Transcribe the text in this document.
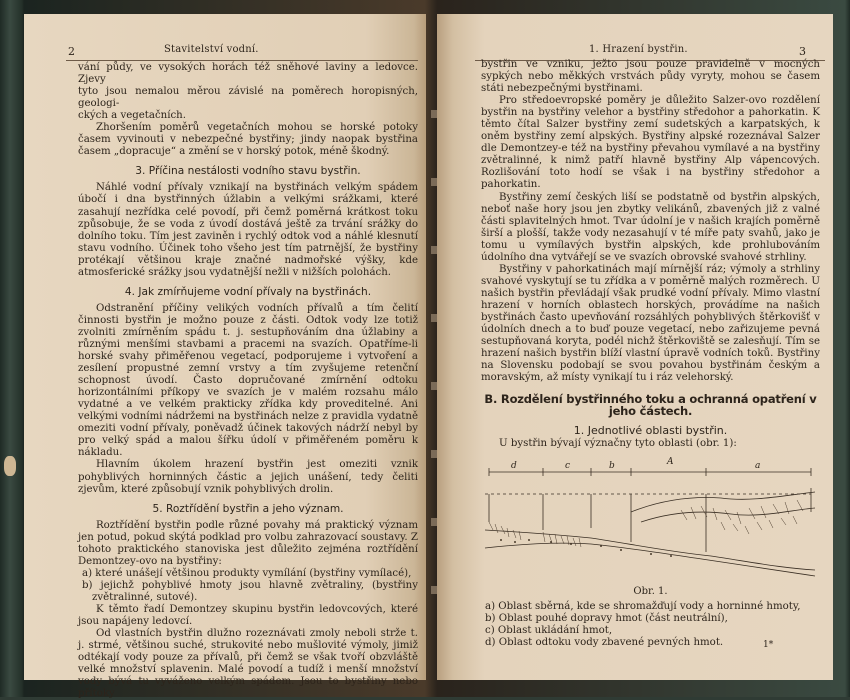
2	Stavitelství vodní.

vání půdy, ve vysokých horách též sněhové laviny a ledovce. Zjevy

tyto jsou nemalou měrou závislé na poměrech horopisných, geologi-

ckých a vegetačních.

Zhoršením poměrů vegetačních mohou se horské potoky časem vyvinouti v nebezpečné bystřiny; jindy naopak bystřina časem „dopracuje“ a změní se v horský potok, méně škodný.

3. Příčina nestálosti vodního stavu bystřin.

Náhlé vodní přívaly vznikají na bystřinách velkým spádem úbočí i dna bystřinných úžlabin a velkými srážkami, které zasahují nezřídka celé povodí, při čemž poměrná krátkost toku způsobuje, že se voda z úvodí dostává ještě za trvání srážky do dolního toku. Tím jest zaviněn i rychlý odtok vod a náhlé klesnutí stavu vodního. Účinek toho všeho jest tím patrnější, že bystřiny protékají většinou kraje značné nadmořské výšky, kde atmosferické srážky jsou vydatnější nežli v nižších polohách.

4. Jak zmírňujeme vodní přívaly na bystřinách.

Odstranění příčiny velikých vodních přívalů a tím čelití činnosti bystřin je možno pouze z části. Odtok vody lze totiž zvolniti zmírněním spádu t. j. sestupňováním dna úžlabiny a různými menšími stavbami a pracemi na svazích. Opatříme-li horské svahy přiměřenou vegetací, podporujeme i vytvoření a zesílení propustné zemní vrstvy a tím zvyšujeme retenční schopnost úvodí. Často dopručované zmírnění odtoku horizontálními příkopy ve svazích je v malém rozsahu málo vydatné a ve velkém prakticky zřídka kdy proveditelné. Ani velkými vodními nádržemi na bystřinách nelze z pravidla vydatně omeziti vodní přívaly, poněvadž účinek takových nádrží nebyl by pro velký spád a malou šířku údolí v přiměřeném poměru k nákladu.

Hlavním úkolem hrazení bystřin jest omeziti vznik pohyblivých horninných částic a jejich unášení, tedy čeliti zjevům, které způsobují vznik pohyblivých drolin.

5. Roztřídění bystřin a jeho význam.

Roztřídění bystřin podle různé povahy má praktický význam jen potud, pokud skýtá podklad pro volbu zahrazovací soustavy. Z tohoto praktického stanoviska jest důležito zejména roztřídění Demontzey-ovo na bystřiny:

a) které unášejí většinou produkty vymílání (bystřiny vymílacé),

b) jejichž pohyblivé hmoty jsou hlavně zvětraliny, (bystřiny zvětralinné, sutové).

K těmto řadí Demontzey skupinu bystřin ledovcových, které jsou napájeny ledovcí.

Od vlastních bystřin dlužno rozeznávati zmoly neboli strže t. j. strmé, většinou suché, strukovité nebo mušlovité výmoly, jimiž odtékají vody pouze za přívalů, při čemž se však tvoří obzvláště velké množství splavenin. Malé povodí a tudíž i menší množství vody bývá tu vyváženo velkým spádem. Jsou to bystřiny nebo přítoky

1. Hrazení bystřin.	3

bystřin ve vzniku, ježto jsou pouze pravidelně v mocných sypkých nebo měkkých vrstvách půdy vyryty, mohou se časem státi nebezpečnými bystřinami.

Pro středoevropské poměry je důležito Salzer-ovo rozdělení bystřin na bystřiny velehor a bystřiny středohor a pahorkatin. K těmto čítal Salzer bystřiny zemí sudetských a karpatských, k oněm bystřiny zemí alpských. Bystřiny alpské rozeznával Salzer dle Demontzey-e též na bystřiny převahou vymílavé a na bystřiny zvětralinné, k nimž patří hlavně bystřiny Alp vápencových. Rozlišování toto hodí se však i na bystřiny středohor a pahorkatin.

Bystřiny zemí českých liší se podstatně od bystřin alpských, neboť naše hory jsou jen zbytky velikánů, zbavených již z valné části splavitelných hmot. Tvar údolní je v našich krajích poměrně širší a plošší, takže vody nezasahují v té míře paty svahů, jako je tomu u vymílavých bystřin alpských, kde prohlubováním údolního dna vytvářejí se ve svazích obrovské svahové strhliny.

Bystřiny v pahorkatinách mají mírnější ráz; výmoly a strhliny svahové vyskytují se tu zřídka a v poměrně malých rozměrech. U našich bystřin převládají však prudké vodní přívaly. Mimo vlastní hrazení v horních oblastech horských, provádíme na našich bystřinách často upevňování rozsáhlých pohyblivých štěrkovišť v údolních dnech a to buď pouze vegetací, nebo zařizujeme pevná sestupňovaná koryta, podél nichž štěrkoviště se zalesňují. Tím se hrazení našich bystřin blíží vlastní úpravě vodních toků. Bystřiny na Slovensku podobají se svou povahou bystřinám českým a moravským, až místy vynikají tu i ráz velehorský.

B. Rozdělení bystřinného toku a ochranná opatření v jeho částech.
1. Jednotlivé oblasti bystřin.

U bystřin bývají význačny tyto oblasti (obr. 1):

d	c	b	A	a
Obr. 1.

a) Oblast sběrná, kde se shromažďují vody a horninné hmoty,

b) Oblast pouhé dopravy hmot (část neutrální),

c) Oblast ukládání hmot,

d) Oblast odtoku vody zbavené pevných hmot.	1*
